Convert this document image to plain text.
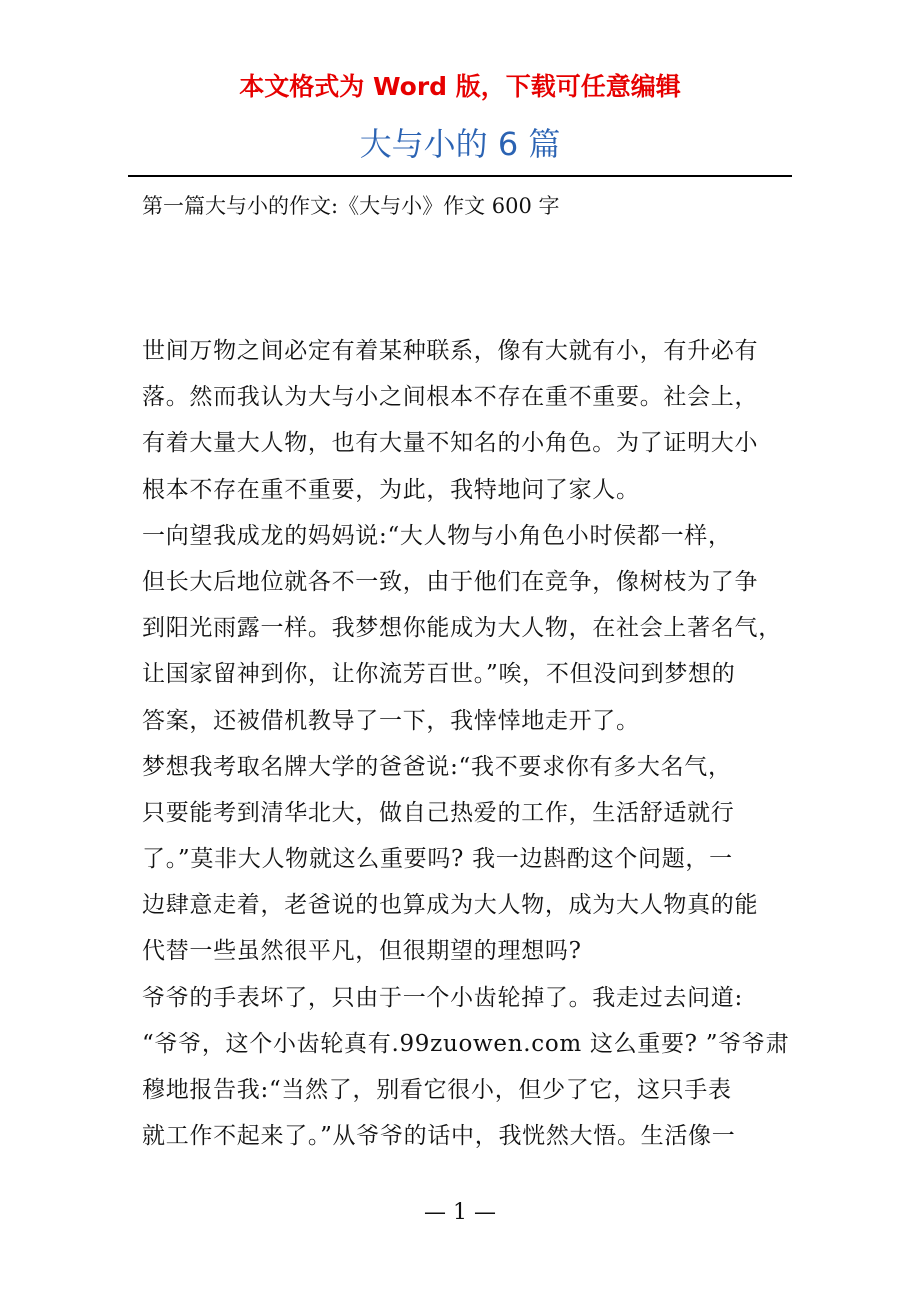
本文格式为 Word 版，下载可任意编辑
大与小的 6 篇
第一篇大与小的作文:《大与小》作文 600 字
世间万物之间必定有着某种联系，像有大就有小，有升必有
落。然而我认为大与小之间根本不存在重不重要。社会上，
有着大量大人物，也有大量不知名的小角色。为了证明大小
根本不存在重不重要，为此，我特地问了家人。
一向望我成龙的妈妈说:“大人物与小角色小时侯都一样，
但长大后地位就各不一致，由于他们在竞争，像树枝为了争
到阳光雨露一样。我梦想你能成为大人物，在社会上著名气，
让国家留神到你，让你流芳百世。”唉，不但没问到梦想的
答案，还被借机教导了一下，我悻悻地走开了。
梦想我考取名牌大学的爸爸说:“我不要求你有多大名气，
只要能考到清华北大，做自己热爱的工作，生活舒适就行
了。”莫非大人物就这么重要吗? 我一边斟酌这个问题，一
边肆意走着，老爸说的也算成为大人物，成为大人物真的能
代替一些虽然很平凡，但很期望的理想吗?
爷爷的手表坏了，只由于一个小齿轮掉了。我走过去问道:
“爷爷，这个小齿轮真有.99zuowen.com 这么重要? ”爷爷肃
穆地报告我:“当然了，别看它很小，但少了它，这只手表
就工作不起来了。”从爷爷的话中，我恍然大悟。生活像一
— 1 —
